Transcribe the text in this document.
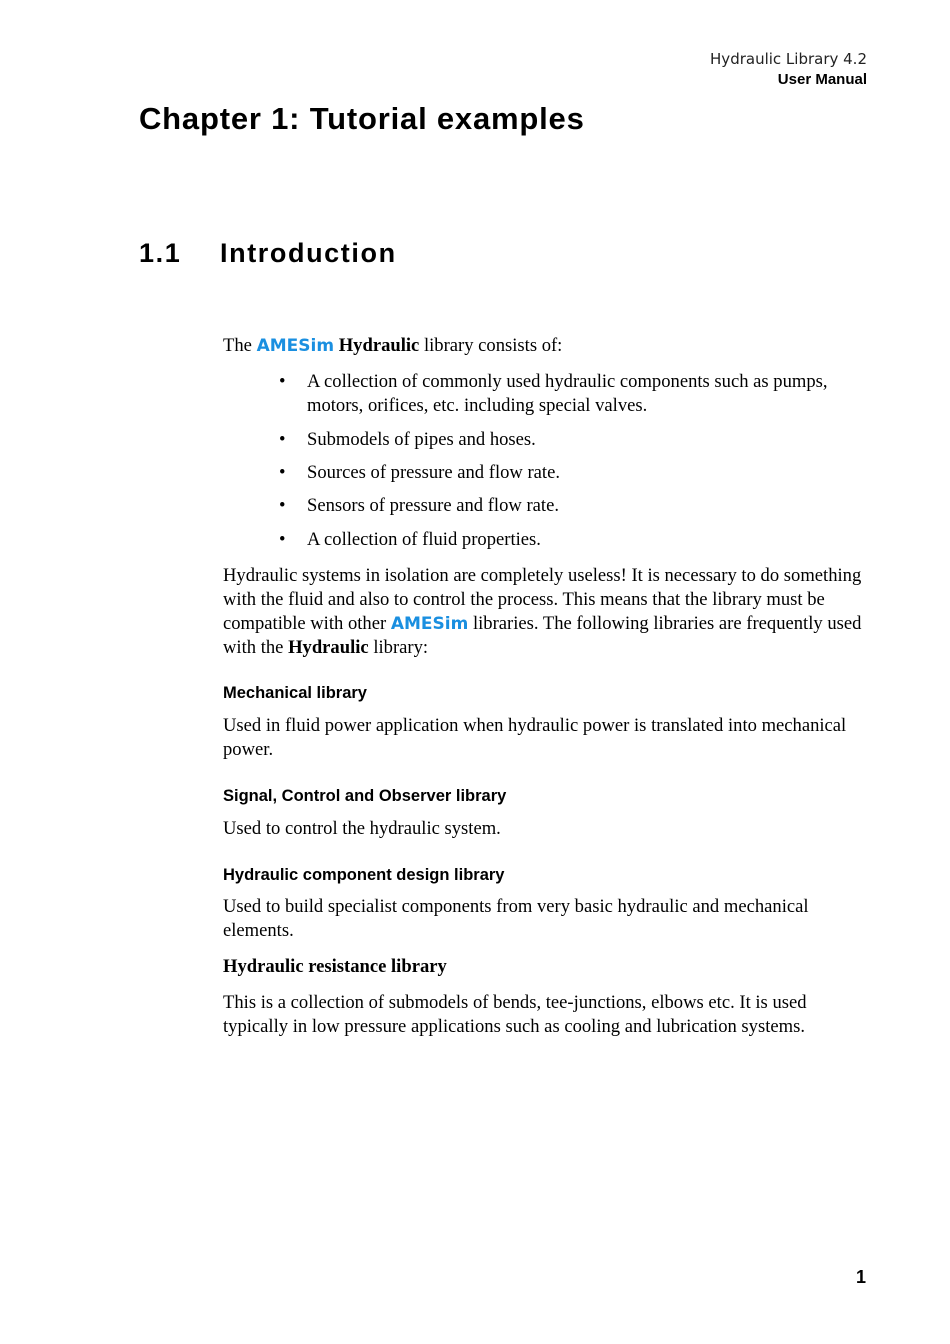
Hydraulic Library 4.2
User Manual
Chapter 1: Tutorial examples
1.1 Introduction

The AMESim Hydraulic library consists of:

• A collection of commonly used hydraulic components such as pumps, motors, orifices, etc. including special valves.
• Submodels of pipes and hoses.
• Sources of pressure and flow rate.
• Sensors of pressure and flow rate.
• A collection of fluid properties.

Hydraulic systems in isolation are completely useless! It is necessary to do something with the fluid and also to control the process. This means that the library must be compatible with other AMESim libraries. The following libraries are frequently used with the Hydraulic library:

Mechanical library

Used in fluid power application when hydraulic power is translated into mechanical power.

Signal, Control and Observer library

Used to control the hydraulic system.

Hydraulic component design library

Used to build specialist components from very basic hydraulic and mechanical elements.

Hydraulic resistance library

This is a collection of submodels of bends, tee-junctions, elbows etc. It is used typically in low pressure applications such as cooling and lubrication systems.

1
